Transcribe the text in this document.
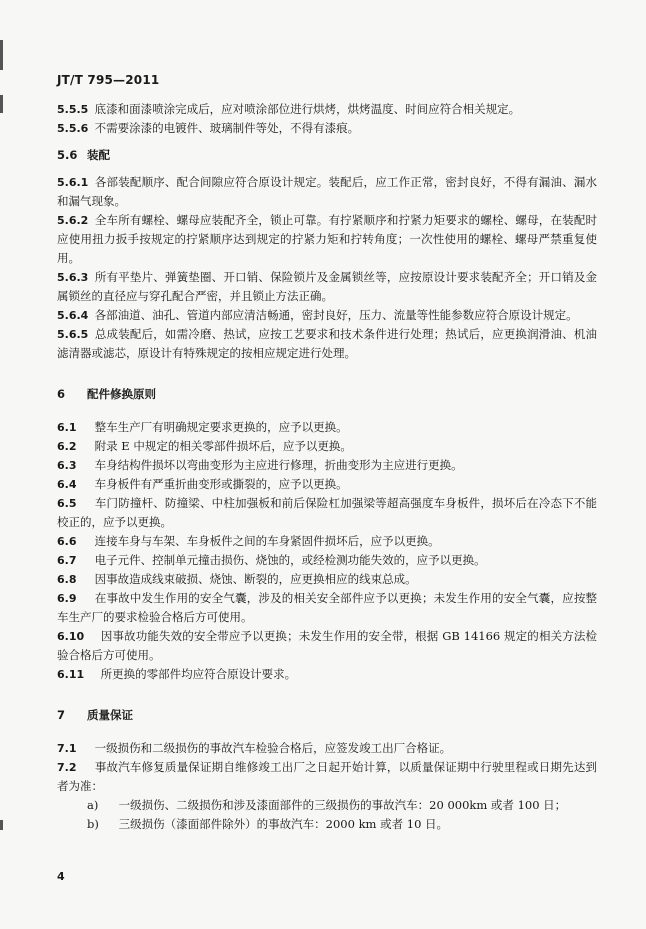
JT/T 795—2011

5.5.5 底漆和面漆喷涂完成后，应对喷涂部位进行烘烤，烘烤温度、时间应符合相关规定。

5.5.6 不需要涂漆的电镀件、玻璃制件等处，不得有漆痕。

5.6 装配

5.6.1 各部装配顺序、配合间隙应符合原设计规定。装配后，应工作正常，密封良好，不得有漏油、漏水和漏气现象。

5.6.2 全车所有螺栓、螺母应装配齐全，锁止可靠。有拧紧顺序和拧紧力矩要求的螺栓、螺母，在装配时应使用扭力扳手按规定的拧紧顺序达到规定的拧紧力矩和拧转角度；一次性使用的螺栓、螺母严禁重复使用。

5.6.3 所有平垫片、弹簧垫圈、开口销、保险锁片及金属锁丝等，应按原设计要求装配齐全；开口销及金属锁丝的直径应与穿孔配合严密，并且锁止方法正确。

5.6.4 各部油道、油孔、管道内部应清洁畅通，密封良好，压力、流量等性能参数应符合原设计规定。

5.6.5 总成装配后，如需冷磨、热试，应按工艺要求和技术条件进行处理；热试后，应更换润滑油、机油滤清器或滤芯，原设计有特殊规定的按相应规定进行处理。

6 配件修换原则

6.1 整车生产厂有明确规定要求更换的，应予以更换。

6.2 附录 E 中规定的相关零部件损坏后，应予以更换。

6.3 车身结构件损坏以弯曲变形为主应进行修理，折曲变形为主应进行更换。

6.4 车身板件有严重折曲变形或撕裂的，应予以更换。

6.5 车门防撞杆、防撞梁、中柱加强板和前后保险杠加强梁等超高强度车身板件，损坏后在冷态下不能校正的，应予以更换。

6.6 连接车身与车架、车身板件之间的车身紧固件损坏后，应予以更换。

6.7 电子元件、控制单元撞击损伤、烧蚀的，或经检测功能失效的，应予以更换。

6.8 因事故造成线束破损、烧蚀、断裂的，应更换相应的线束总成。

6.9 在事故中发生作用的安全气囊，涉及的相关安全部件应予以更换；未发生作用的安全气囊，应按整车生产厂的要求检验合格后方可使用。

6.10 因事故功能失效的安全带应予以更换；未发生作用的安全带，根据 GB 14166 规定的相关方法检验合格后方可使用。

6.11 所更换的零部件均应符合原设计要求。

7 质量保证

7.1 一级损伤和二级损伤的事故汽车检验合格后，应签发竣工出厂合格证。

7.2 事故汽车修复质量保证期自维修竣工出厂之日起开始计算，以质量保证期中行驶里程或日期先达到者为准：

a) 一级损伤、二级损伤和涉及漆面部件的三级损伤的事故汽车：20 000km 或者 100 日；

b) 三级损伤（漆面部件除外）的事故汽车：2000 km 或者 10 日。

4
